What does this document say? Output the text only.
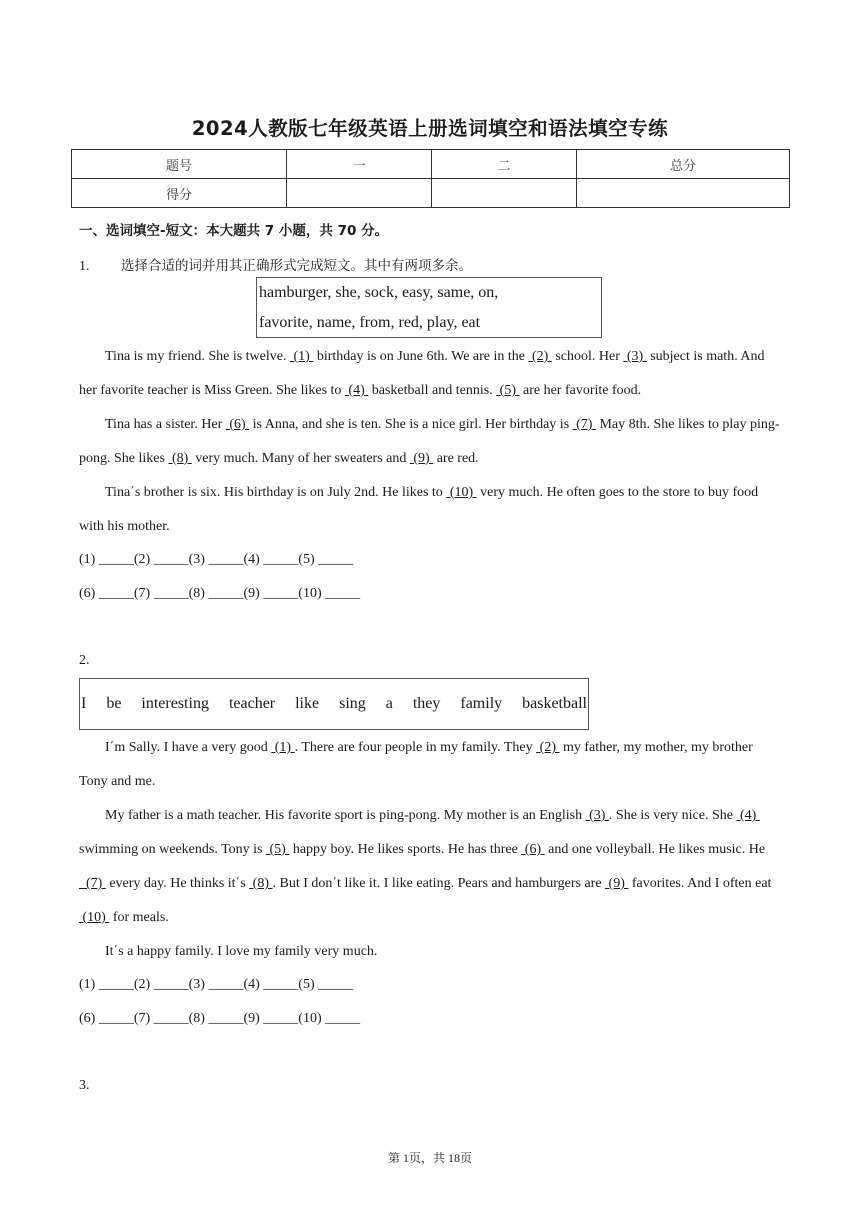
2024人教版七年级英语上册选词填空和语法填空专练
题号	一	二	总分
得分			
一、选词填空-短文：本大题共 7 小题，共 70 分。
1. 选择合适的词并用其正确形式完成短文。其中有两项多余。
hamburger, she, sock, easy, same, on,
favorite, name, from, red, play, eat

Tina is my friend. She is twelve.  (1)  birthday is on June 6th. We are in the  (2)  school. Her  (3)  subject is math. And her favorite teacher is Miss Green. She likes to  (4)  basketball and tennis.  (5)  are her favorite food.

Tina has a sister. Her  (6)  is Anna, and she is ten. She is a nice girl. Her birthday is  (7)  May 8th. She likes to play ping-pong. She likes  (8)  very much. Many of her sweaters and  (9)  are red.

Tina΄s brother is six. His birthday is on July 2nd. He likes to  (10)  very much. He often goes to the store to buy food with his mother.

(1) _____(2) _____(3) _____(4) _____(5) _____
(6) _____(7) _____(8) _____(9) _____(10) _____
2.
I be interesting teacher like sing a they family basketball

I΄m Sally. I have a very good  (1) . There are four people in my family. They  (2)  my father, my mother, my brother Tony and me.

My father is a math teacher. His favorite sport is ping-pong. My mother is an English  (3) . She is very nice. She  (4)  swimming on weekends. Tony is  (5)  happy boy. He likes sports. He has three  (6)  and one volleyball. He likes music. He   (7)  every day. He thinks it΄s  (8) . But I don΄t like it. I like eating. Pears and hamburgers are  (9)  favorites. And I often eat  (10)  for meals.

It΄s a happy family. I love my family very much.

(1) _____(2) _____(3) _____(4) _____(5) _____
(6) _____(7) _____(8) _____(9) _____(10) _____
3.
第 1页，共 18页
